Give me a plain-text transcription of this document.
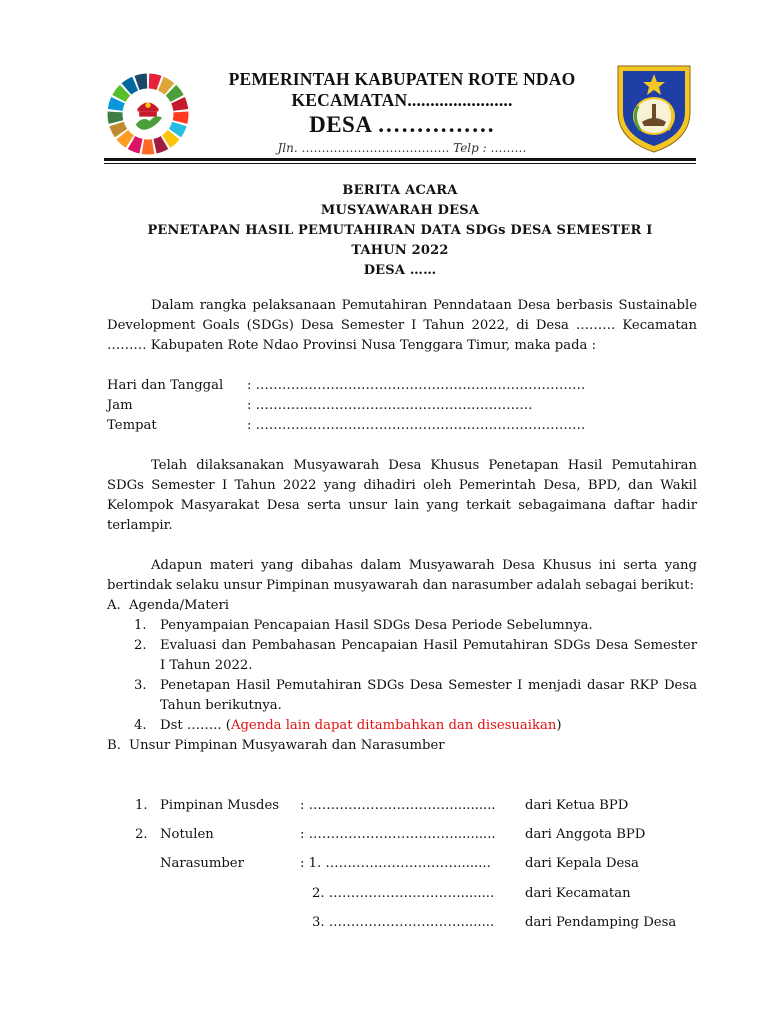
PEMERINTAH KABUPATEN ROTE NDAO
KECAMATAN.......................
DESA ……………
Jln. ………………………………. Telp : ………
BERITA ACARA
MUSYAWARAH DESA
PENETAPAN HASIL PEMUTAHIRAN DATA SDGs DESA SEMESTER I
TAHUN 2022
DESA ……

Dalam rangka pelaksanaan Pemutahiran Penndataan Desa berbasis Sustainable Development Goals (SDGs) Desa Semester I Tahun 2022, di Desa ……… Kecamatan ……… Kabupaten Rote Ndao Provinsi Nusa Tenggara Timur, maka pada :

Hari dan Tanggal	: …………………………………………………………………
Jam	: ………………………………………………………
Tempat	: …………………………………………………………………

Telah dilaksanakan Musyawarah Desa Khusus Penetapan Hasil Pemutahiran SDGs Semester I Tahun 2022 yang dihadiri oleh Pemerintah Desa, BPD, dan Wakil Kelompok Masyarakat Desa serta unsur lain yang terkait sebagaimana daftar hadir terlampir.

Adapun materi yang dibahas dalam Musyawarah Desa Khusus ini serta yang bertindak selaku unsur Pimpinan musyawarah dan narasumber adalah sebagai berikut:

A. Agenda/Materi
1.	Penyampaian Pencapaian Hasil SDGs Desa Periode Sebelumnya.
2.	Evaluasi dan Pembahasan Pencapaian Hasil Pemutahiran SDGs Desa Semester I Tahun 2022.
3.	Penetapan Hasil Pemutahiran SDGs Desa Semester I menjadi dasar RKP Desa Tahun berikutnya.
4.	Dst …….. (Agenda lain dapat ditambahkan dan disesuaikan)
B. Unsur Pimpinan Musyawarah dan Narasumber
1. Pimpinan Musdes : …………………………….......... dari Ketua BPD
2. Notulen	: …………………………….......... dari Anggota BPD
Narasumber	: 1. …………………………........	dari Kepala Desa
2. …………………………........ dari Kecamatan
3. …………………………........ dari Pendamping Desa
